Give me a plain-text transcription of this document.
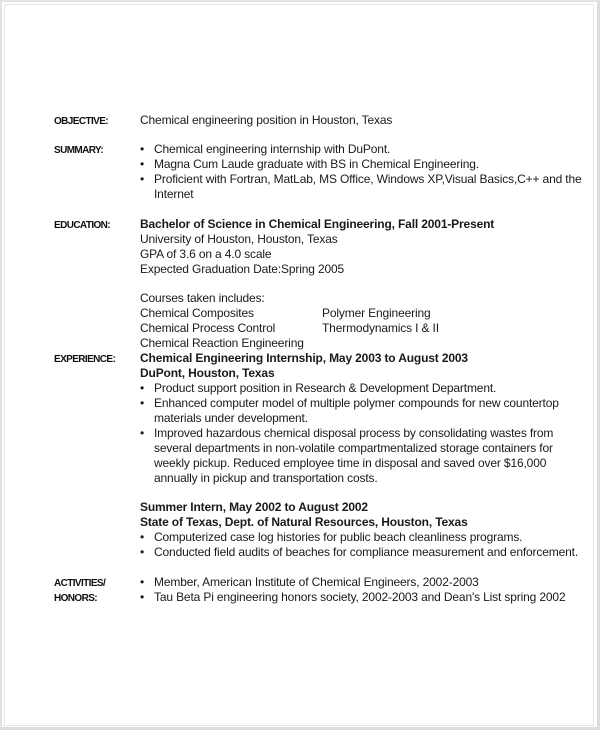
OBJECTIVE:	Chemical engineering position in Houston, Texas
SUMMARY:	• Chemical engineering internship with DuPont.
• Magna Cum Laude graduate with BS in Chemical Engineering.
• Proficient with Fortran, MatLab, MS Office, Windows XP,Visual Basics,C++ and the
Internet
EDUCATION: Bachelor of Science in Chemical Engineering, Fall 2001-Present
University of Houston, Houston, Texas
GPA of 3.6 on a 4.0 scale
Expected Graduation Date:Spring 2005
Courses taken includes:
Chemical Composites
Chemical Process Control
Chemical Reaction Engineering
Polymer Engineering
Thermodynamics I & II
EXPERIENCE: Chemical Engineering Internship, May 2003 to August 2003
DuPont, Houston, Texas
• Product support position in Research & Development Department.
• Enhanced computer model of multiple polymer compounds for new countertop
materials under development.
• Improved hazardous chemical disposal process by consolidating wastes from
several departments in non-volatile compartmentalized storage containers for
weekly pickup. Reduced employee time in disposal and saved over $16,000
annually in pickup and transportation costs.
Summer Intern, May 2002 to August 2002
State of Texas, Dept. of Natural Resources, Houston, Texas
• Computerized case log histories for public beach cleanliness programs.
• Conducted field audits of beaches for compliance measurement and enforcement.
ACTIVITIES/
HONORS:
• Member, American Institute of Chemical Engineers, 2002-2003
• Tau Beta Pi engineering honors society, 2002-2003 and Dean's List spring 2002
